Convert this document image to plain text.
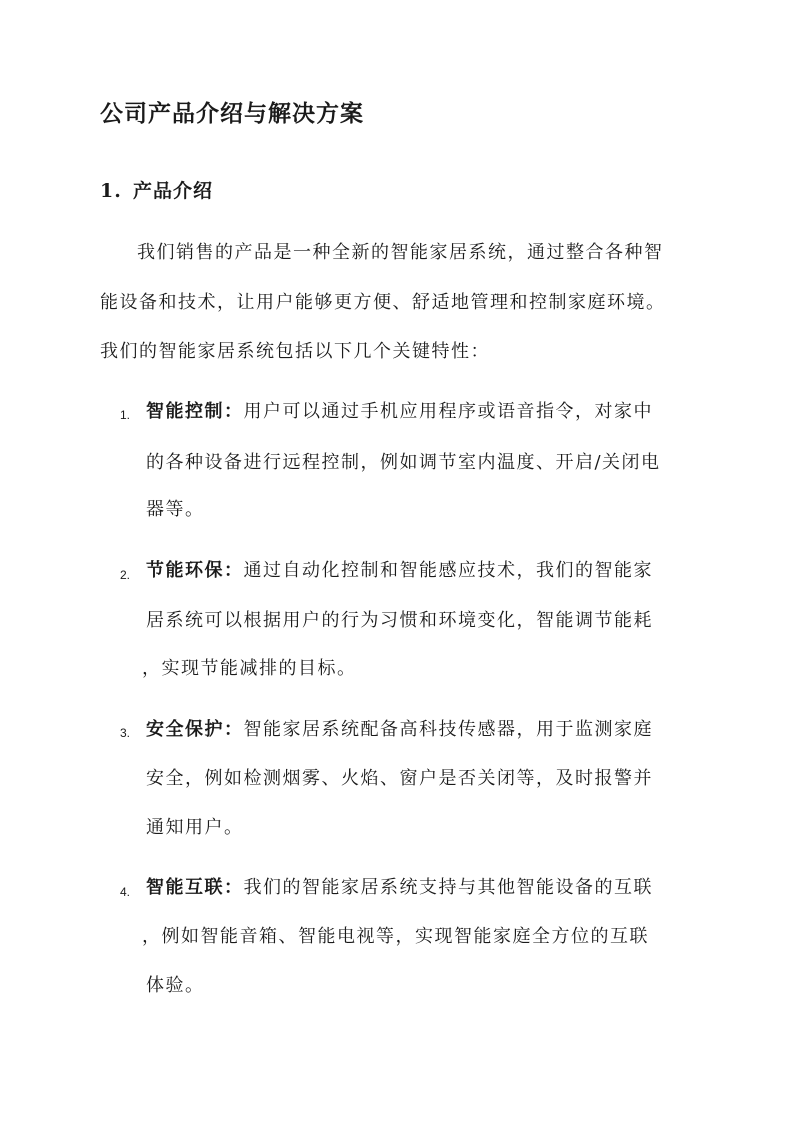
公司产品介绍与解决方案
1. 产品介绍
我们销售的产品是一种全新的智能家居系统，通过整合各种智
能设备和技术，让用户能够更方便、舒适地管理和控制家庭环境。
我们的智能家居系统包括以下几个关键特性：
1. 智能控制：用户可以通过手机应用程序或语音指令，对家中
的各种设备进行远程控制，例如调节室内温度、开启/关闭电
器等。
2. 节能环保：通过自动化控制和智能感应技术，我们的智能家
居系统可以根据用户的行为习惯和环境变化，智能调节能耗
，实现节能减排的目标。
3. 安全保护：智能家居系统配备高科技传感器，用于监测家庭
安全，例如检测烟雾、火焰、窗户是否关闭等，及时报警并
通知用户。
4. 智能互联：我们的智能家居系统支持与其他智能设备的互联
，例如智能音箱、智能电视等，实现智能家庭全方位的互联
体验。
